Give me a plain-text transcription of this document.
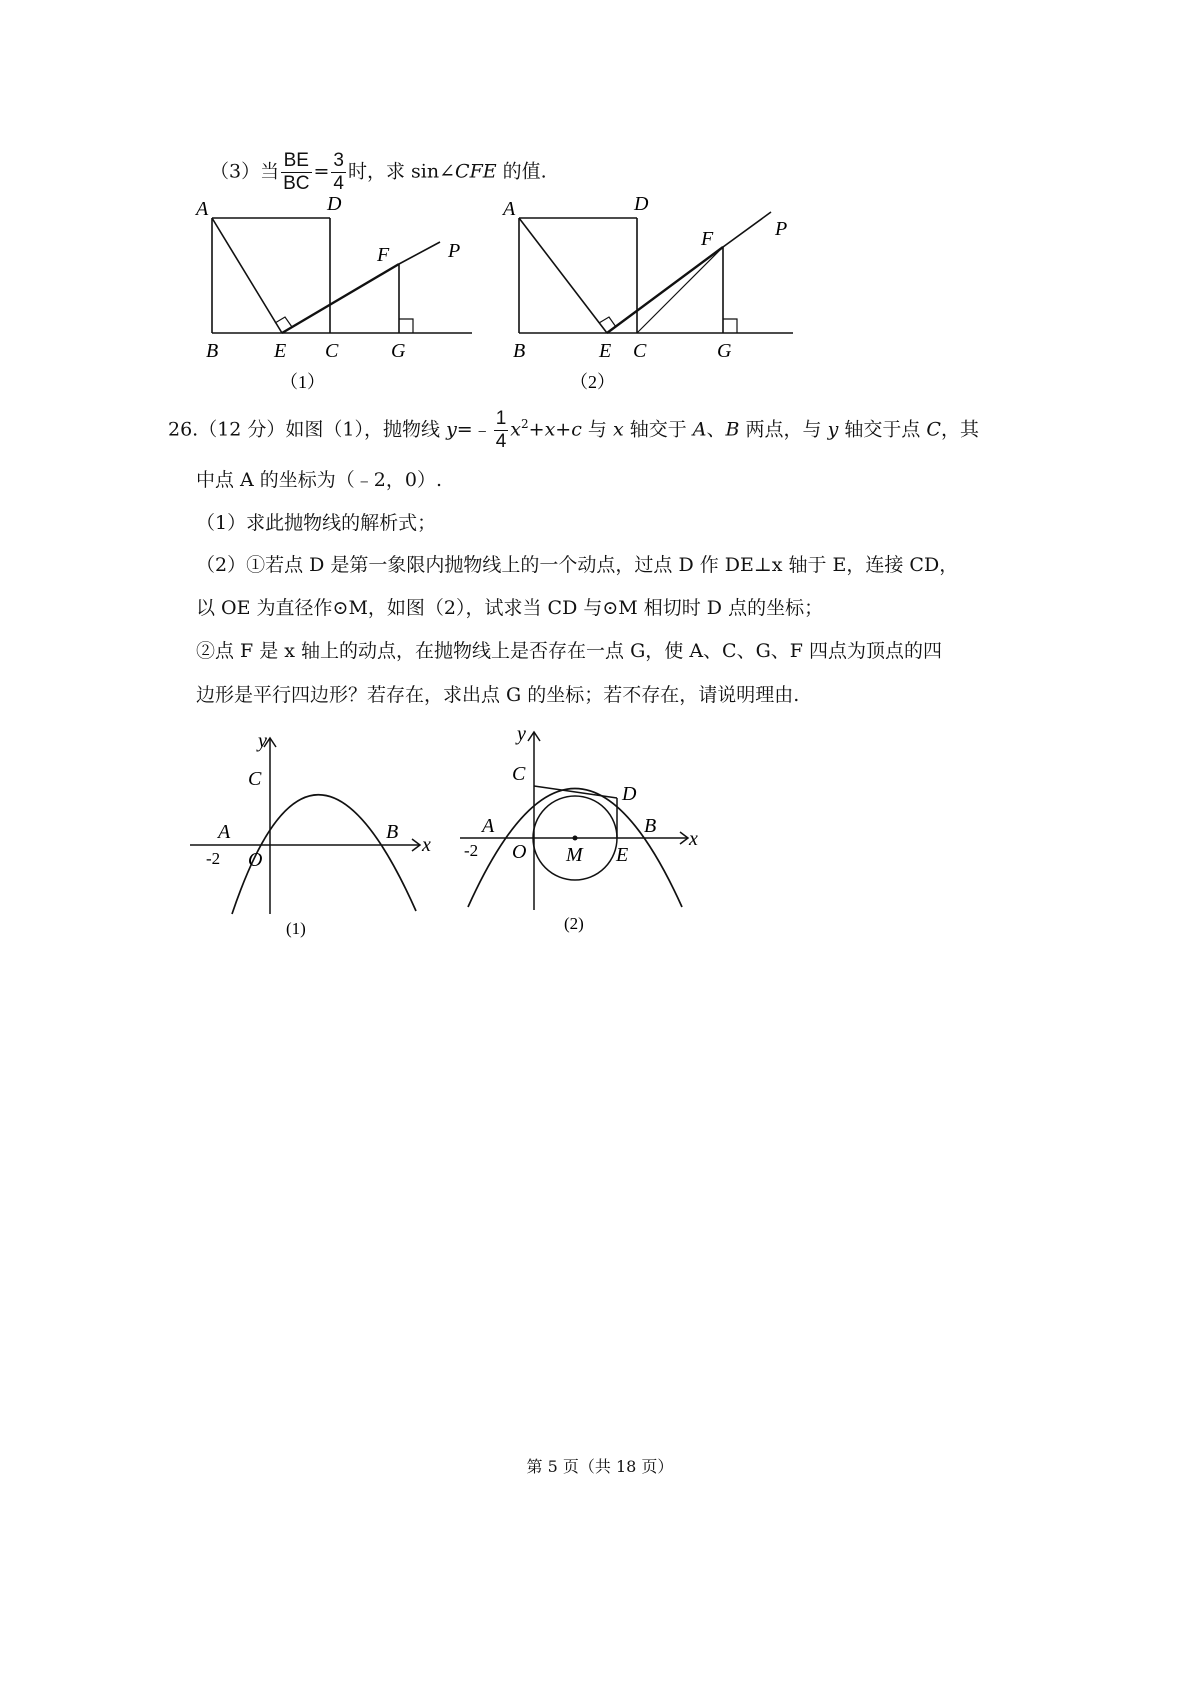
（3）当 $\frac{BE}{BC} = \frac{3}{4}$ 时，求 sin∠CFE 的值.
A	D
B	E C	G
F	P
（1）
A	D
B	E C	G
F	P
（2）
26.（12 分）如图（1），抛物线 y=﹣ $\frac{1}{4} x^2+x+c$ 与 x 轴交于 A、B 两点，与 y 轴交于点 C，其
中点 A 的坐标为（﹣2，0）.
（1）求此抛物线的解析式；
（2）①若点 D 是第一象限内抛物线上的一个动点，过点 D 作 DE⊥x 轴于 E，连接 CD，
以 OE 为直径作⊙M，如图（2），试求当 CD 与⊙M 相切时 D 点的坐标；
②点 F 是 x 轴上的动点，在抛物线上是否存在一点 G，使 A、C、G、F 四点为顶点的四
边形是平行四边形？若存在，求出点 G 的坐标；若不存在，请说明理由.
y
x
C
A	B
O
-2
(1)
y
x
C
A	B
D
O M E
-2
(2)
第 5 页（共 18 页）
